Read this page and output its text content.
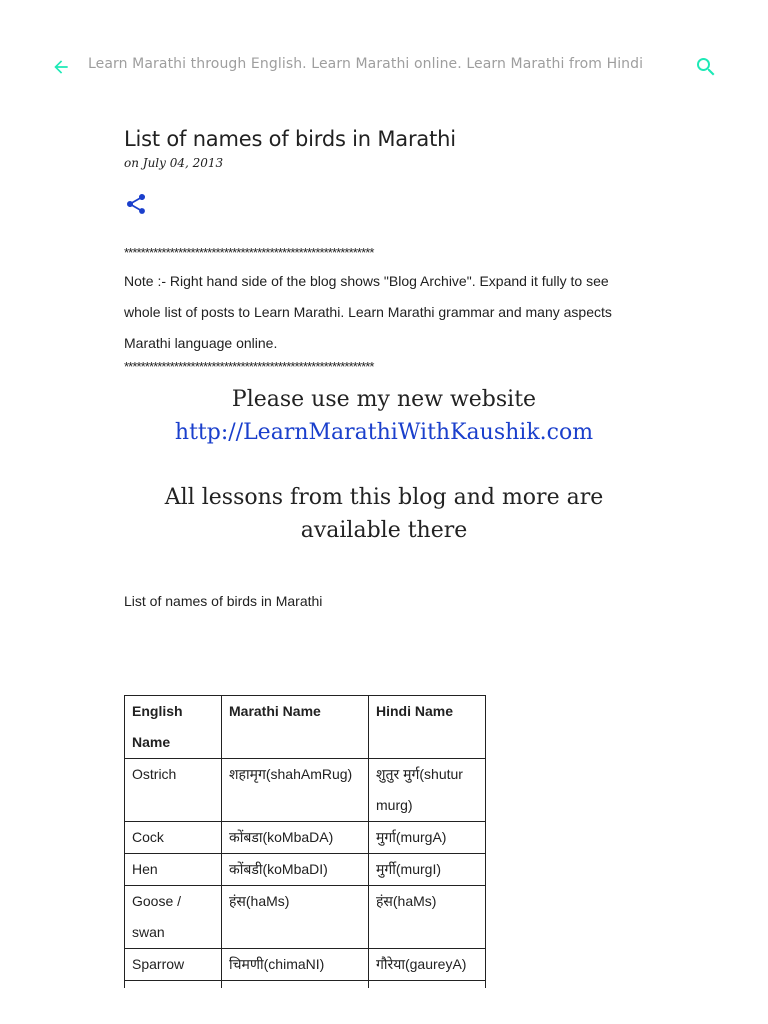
Learn Marathi through English. Learn Marathi online. Learn Marathi from Hindi
List of names of birds in Marathi
on July 04, 2013
************************************************************
Note :- Right hand side of the blog shows "Blog Archive". Expand it fully to see whole list of posts to Learn Marathi. Learn Marathi grammar and many aspects Marathi language online.
************************************************************
Please use my new website
http://LearnMarathiWithKaushik.com
All lessons from this blog and more are available there
List of names of birds in Marathi
English Name	Marathi Name	Hindi Name
Ostrich	शहामृग(shahAmRug)	शुतुर मुर्ग(shutur murg)
Cock	कोंबडा(koMbaDA)	मुर्गा(murgA)
Hen	कोंबडी(koMbaDI)	मुर्गी(murgI)
Goose / swan	हंस(haMs)	हंस(haMs)
Sparrow	चिमणी(chimaNI)	गौरेया(gaureyA)
